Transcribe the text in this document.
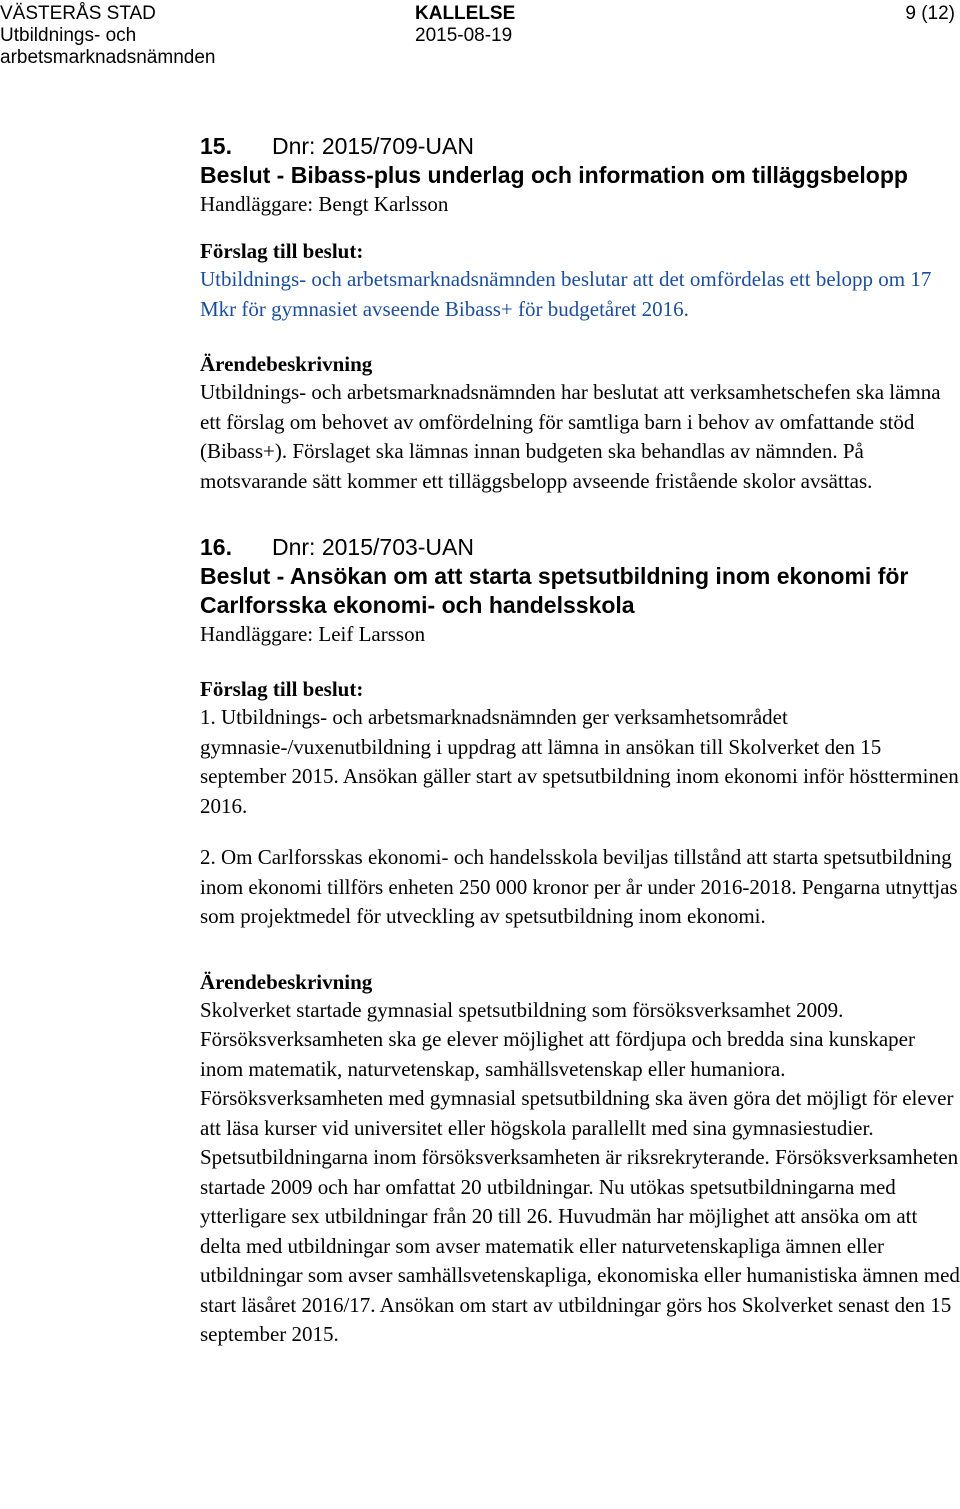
VÄSTERÅS STAD
Utbildnings- och
arbetsmarknadsnämnden
KALLELSE
2015-08-19
9 (12)
15. Dnr: 2015/709-UAN
Beslut - Bibass-plus underlag och information om tilläggsbelopp
Handläggare: Bengt Karlsson
Förslag till beslut:

Utbildnings- och arbetsmarknadsnämnden beslutar att det omfördelas ett belopp om 17 Mkr för gymnasiet avseende Bibass+ för budgetåret 2016.

Ärendebeskrivning

Utbildnings- och arbetsmarknadsnämnden har beslutat att verksamhetschefen ska lämna ett förslag om behovet av omfördelning för samtliga barn i behov av omfattande stöd (Bibass+). Förslaget ska lämnas innan budgeten ska behandlas av nämnden. På motsvarande sätt kommer ett tilläggsbelopp avseende fristående skolor avsättas.

16. Dnr: 2015/703-UAN
Beslut - Ansökan om att starta spetsutbildning inom ekonomi för Carlforsska ekonomi- och handelsskola
Handläggare: Leif Larsson
Förslag till beslut:

1. Utbildnings- och arbetsmarknadsnämnden ger verksamhetsområdet gymnasie-/vuxenutbildning i uppdrag att lämna in ansökan till Skolverket den 15 september 2015. Ansökan gäller start av spetsutbildning inom ekonomi inför höstterminen 2016.

2. Om Carlforsskas ekonomi- och handelsskola beviljas tillstånd att starta spetsutbildning inom ekonomi tillförs enheten 250 000 kronor per år under 2016-2018. Pengarna utnyttjas som projektmedel för utveckling av spetsutbildning inom ekonomi.

Ärendebeskrivning

Skolverket startade gymnasial spetsutbildning som försöksverksamhet 2009. Försöksverksamheten ska ge elever möjlighet att fördjupa och bredda sina kunskaper inom matematik, naturvetenskap, samhällsvetenskap eller humaniora. Försöksverksamheten med gymnasial spetsutbildning ska även göra det möjligt för elever att läsa kurser vid universitet eller högskola parallellt med sina gymnasiestudier. Spetsutbildningarna inom försöksverksamheten är riksrekryterande. Försöksverksamheten startade 2009 och har omfattat 20 utbildningar. Nu utökas spetsutbildningarna med ytterligare sex utbildningar från 20 till 26. Huvudmän har möjlighet att ansöka om att delta med utbildningar som avser matematik eller naturvetenskapliga ämnen eller utbildningar som avser samhällsvetenskapliga, ekonomiska eller humanistiska ämnen med start läsåret 2016/17. Ansökan om start av utbildningar görs hos Skolverket senast den 15 september 2015.
